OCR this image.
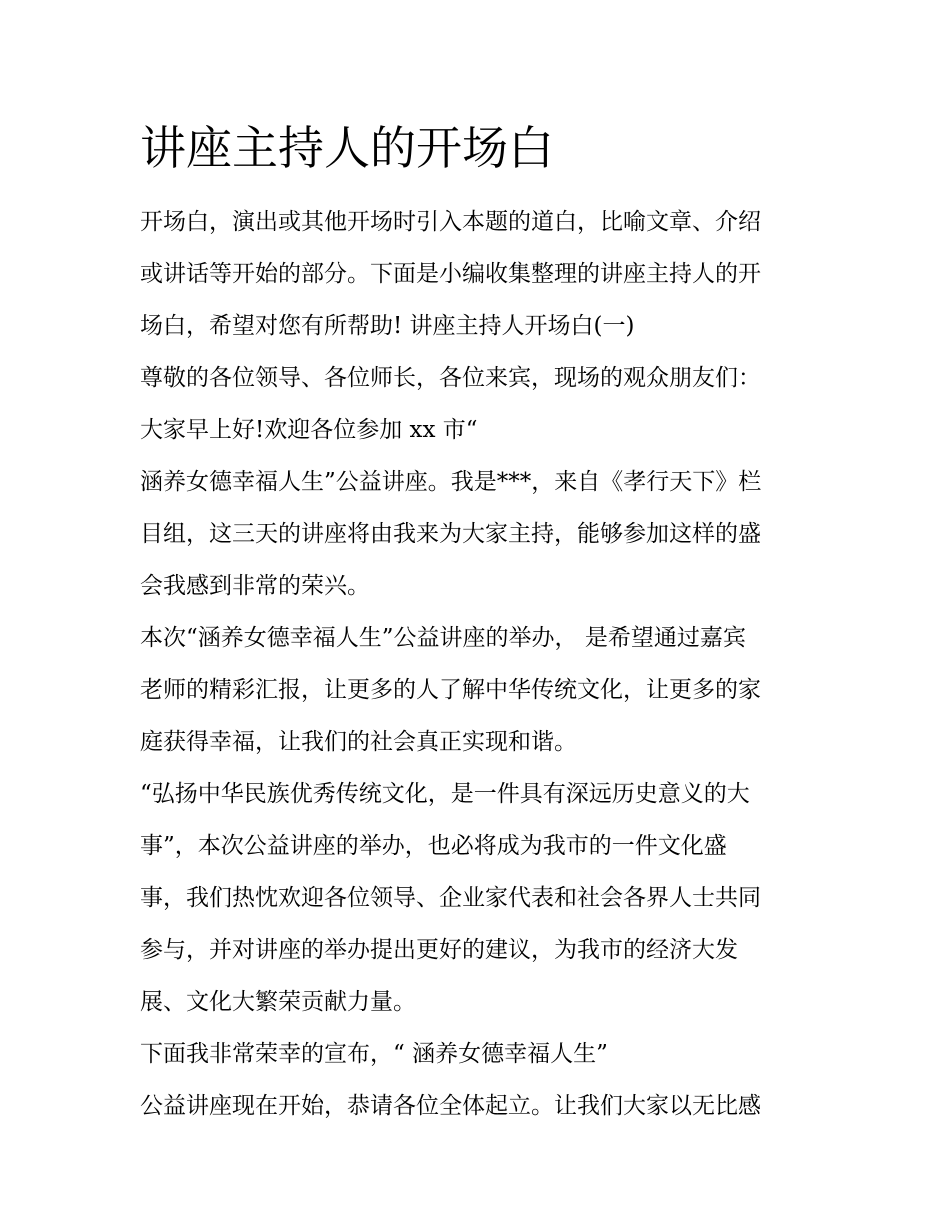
讲座主持人的开场白
开场白，演出或其他开场时引入本题的道白，比喻文章、介绍
或讲话等开始的部分。下面是小编收集整理的讲座主持人的开
场白，希望对您有所帮助! 讲座主持人开场白(一)
尊敬的各位领导、各位师长，各位来宾，现场的观众朋友们：
大家早上好!欢迎各位参加 xx 市“
涵养女德幸福人生”公益讲座。我是***，来自《孝行天下》栏
目组，这三天的讲座将由我来为大家主持，能够参加这样的盛
会我感到非常的荣兴。
本次“涵养女德幸福人生”公益讲座的举办， 是希望通过嘉宾
老师的精彩汇报，让更多的人了解中华传统文化，让更多的家
庭获得幸福，让我们的社会真正实现和谐。
“弘扬中华民族优秀传统文化，是一件具有深远历史意义的大
事”，本次公益讲座的举办，也必将成为我市的一件文化盛
事，我们热忱欢迎各位领导、企业家代表和社会各界人士共同
参与，并对讲座的举办提出更好的建议，为我市的经济大发
展、文化大繁荣贡献力量。
下面我非常荣幸的宣布，“ 涵养女德幸福人生”
公益讲座现在开始，恭请各位全体起立。让我们大家以无比感
